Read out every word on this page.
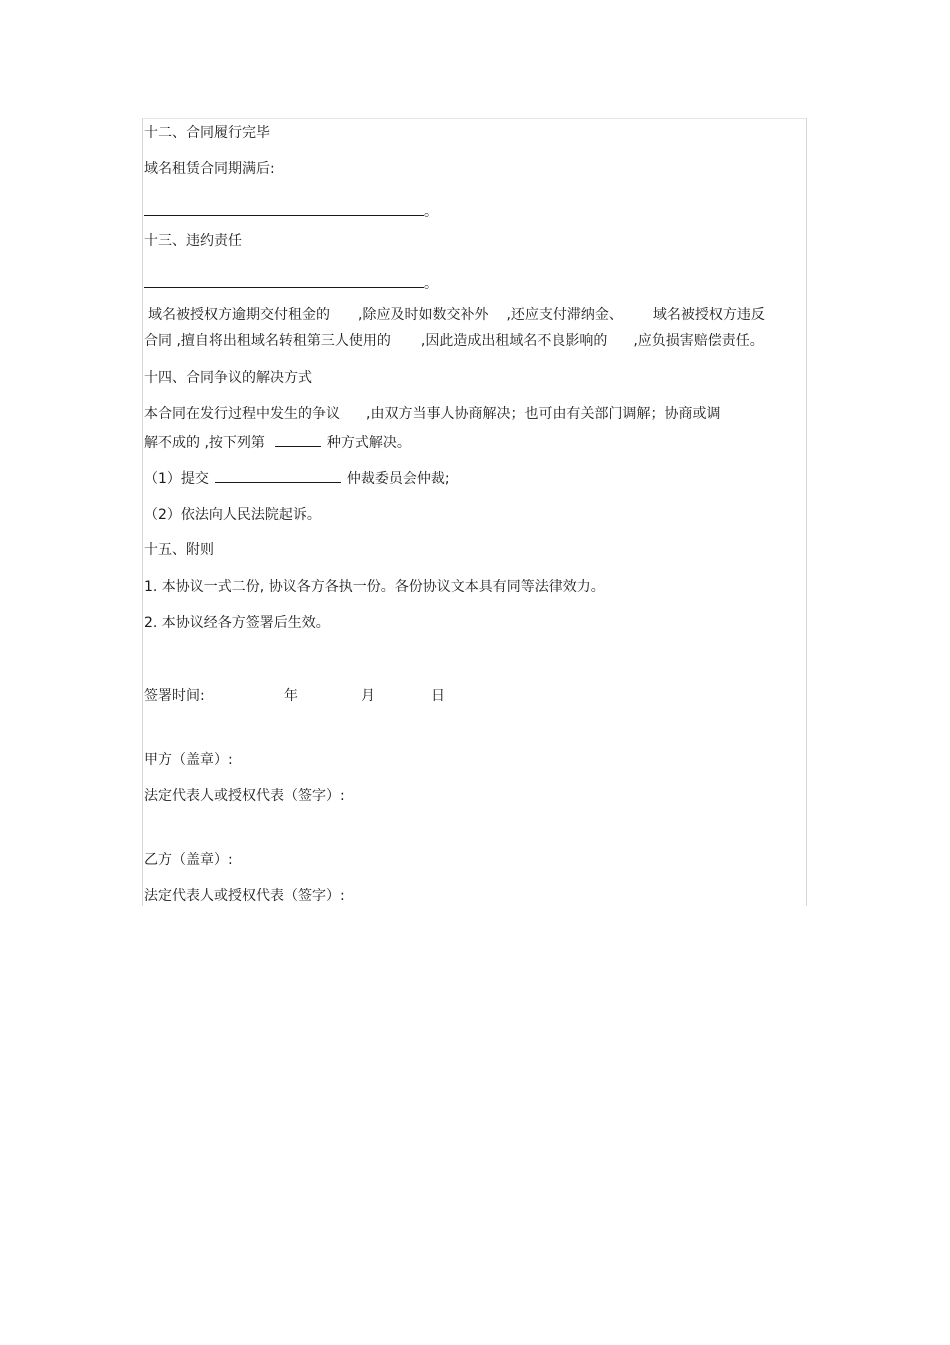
十二、合同履行完毕
域名租赁合同期满后:
。
十三、违约责任
。
域名被授权方逾期交付租金的 ,除应及时如数交补外 ,还应支付滞纳金、 域名被授权方违反
合同 ,擅自将出租域名转租第三人使用的 ,因此造成出租域名不良影响的 ,应负损害赔偿责任。
十四、合同争议的解决方式
本合同在发行过程中发生的争议 ,由双方当事人协商解决；也可由有关部门调解；协商或调
解不成的 ,按下列第	种方式解决。
（1）提交	仲裁委员会仲裁;
（2）依法向人民法院起诉。
十五、附则
1. 本协议一式二份, 协议各方各执一份。各份协议文本具有同等法律效力。
2. 本协议经各方签署后生效。
签署时间:	年	月	日
甲方（盖章）:
法定代表人或授权代表（签字）:
乙方（盖章）:
法定代表人或授权代表（签字）:
